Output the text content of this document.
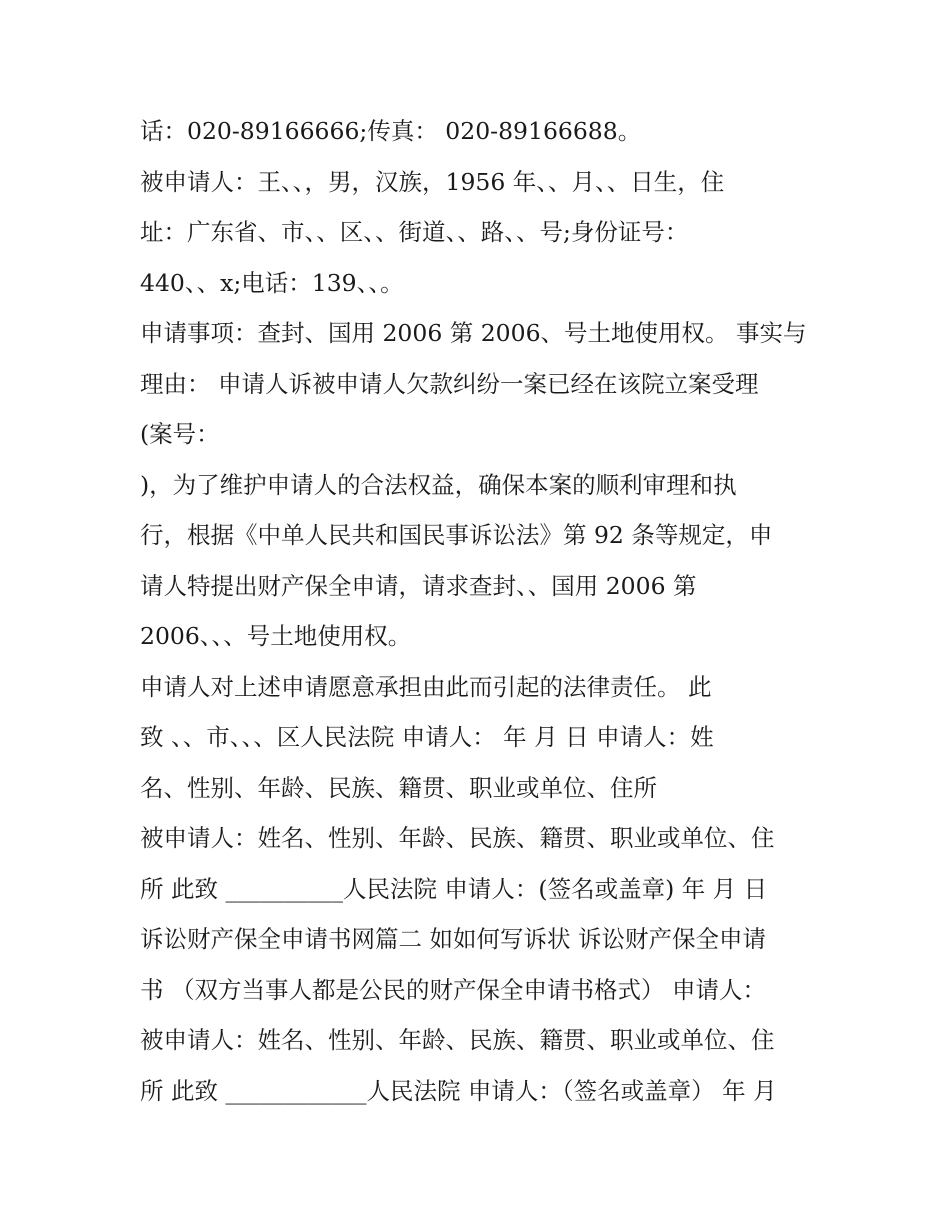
话：020-89166666;传真： 020-89166688。
被申请人：王、、，男，汉族，1956 年、、月、、日生，住
址：广东省、市、、区、、街道、、路、、号;身份证号：
440、、x;电话：139、、。
申请事项：查封、国用 2006 第 2006、号土地使用权。 事实与
理由： 申请人诉被申请人欠款纠纷一案已经在该院立案受理
(案号：
)，为了维护申请人的合法权益，确保本案的顺利审理和执
行，根据《中单人民共和国民事诉讼法》第 92 条等规定，申
请人特提出财产保全申请，请求查封、、国用 2006 第
2006、、、号土地使用权。
申请人对上述申请愿意承担由此而引起的法律责任。 此
致 、、市、、、区人民法院 申请人： 年 月 日 申请人：姓
名、性别、年龄、民族、籍贯、职业或单位、住所
被申请人：姓名、性别、年龄、民族、籍贯、职业或单位、住
所 此致 __________人民法院 申请人：(签名或盖章) 年 月 日
诉讼财产保全申请书网篇二 如如何写诉状 诉讼财产保全申请
书 （双方当事人都是公民的财产保全申请书格式） 申请人：
被申请人：姓名、性别、年龄、民族、籍贯、职业或单位、住
所 此致 ____________人民法院 申请人：（签名或盖章） 年 月
